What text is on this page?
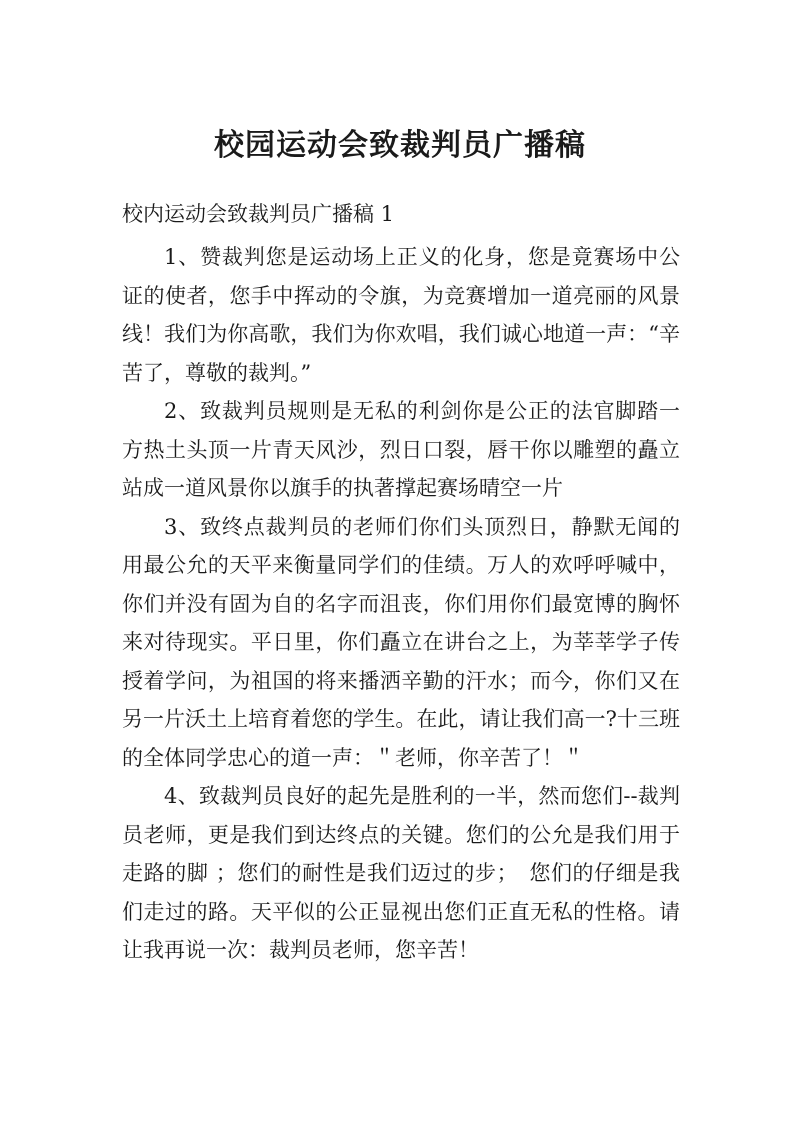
校园运动会致裁判员广播稿
校内运动会致裁判员广播稿 1

1、赞裁判您是运动场上正义的化身，您是竟赛场中公证的使者，您手中挥动的令旗，为竞赛增加一道亮丽的风景线！我们为你高歌，我们为你欢唱，我们诚心地道一声：“辛苦了，尊敬的裁判。”

2、致裁判员规则是无私的利剑你是公正的法官脚踏一方热土头顶一片青天风沙，烈日口裂，唇干你以雕塑的矗立站成一道风景你以旗手的执著撑起赛场晴空一片

3、致终点裁判员的老师们你们头顶烈日，静默无闻的用最公允的天平来衡量同学们的佳绩。万人的欢呼呼喊中，你们并没有固为自的名字而沮丧，你们用你们最宽博的胸怀来对待现实。平日里，你们矗立在讲台之上，为莘莘学子传授着学问，为祖国的将来播洒辛勤的汗水；而今，你们又在另一片沃土上培育着您的学生。在此，请让我们高一?十三班的全体同学忠心的道一声：＂老师，你辛苦了！＂

4、致裁判员良好的起先是胜利的一半，然而您们--裁判员老师，更是我们到达终点的关键。您们的公允是我们用于走路的脚 ；您们的耐性是我们迈过的步；　您们的仔细是我们走过的路。天平似的公正显视出您们正直无私的性格。请让我再说一次：裁判员老师，您辛苦！
